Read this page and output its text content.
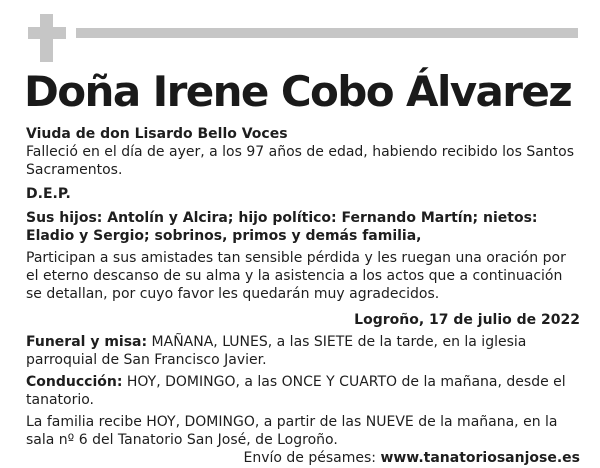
Doña Irene Cobo Álvarez

Viuda de don Lisardo Bello Voces

Falleció en el día de ayer, a los 97 años de edad, habiendo recibido los Santos Sacramentos.

D.E.P.

Sus hijos: Antolín y Alcira; hijo político: Fernando Martín; nietos: Eladio y Sergio; sobrinos, primos y demás familia,

Participan a sus amistades tan sensible pérdida y les ruegan una oración por el eterno descanso de su alma y la asistencia a los actos que a continuación se detallan, por cuyo favor les quedarán muy agradecidos.

Logroño, 17 de julio de 2022

Funeral y misa: MAÑANA, LUNES, a las SIETE de la tarde, en la iglesia parroquial de San Francisco Javier.

Conducción: HOY, DOMINGO, a las ONCE Y CUARTO de la mañana, desde el tanatorio.

La familia recibe HOY, DOMINGO, a partir de las NUEVE de la mañana, en la sala nº 6 del Tanatorio San José, de Logroño.

Envío de pésames: www.tanatoriosanjose.es
